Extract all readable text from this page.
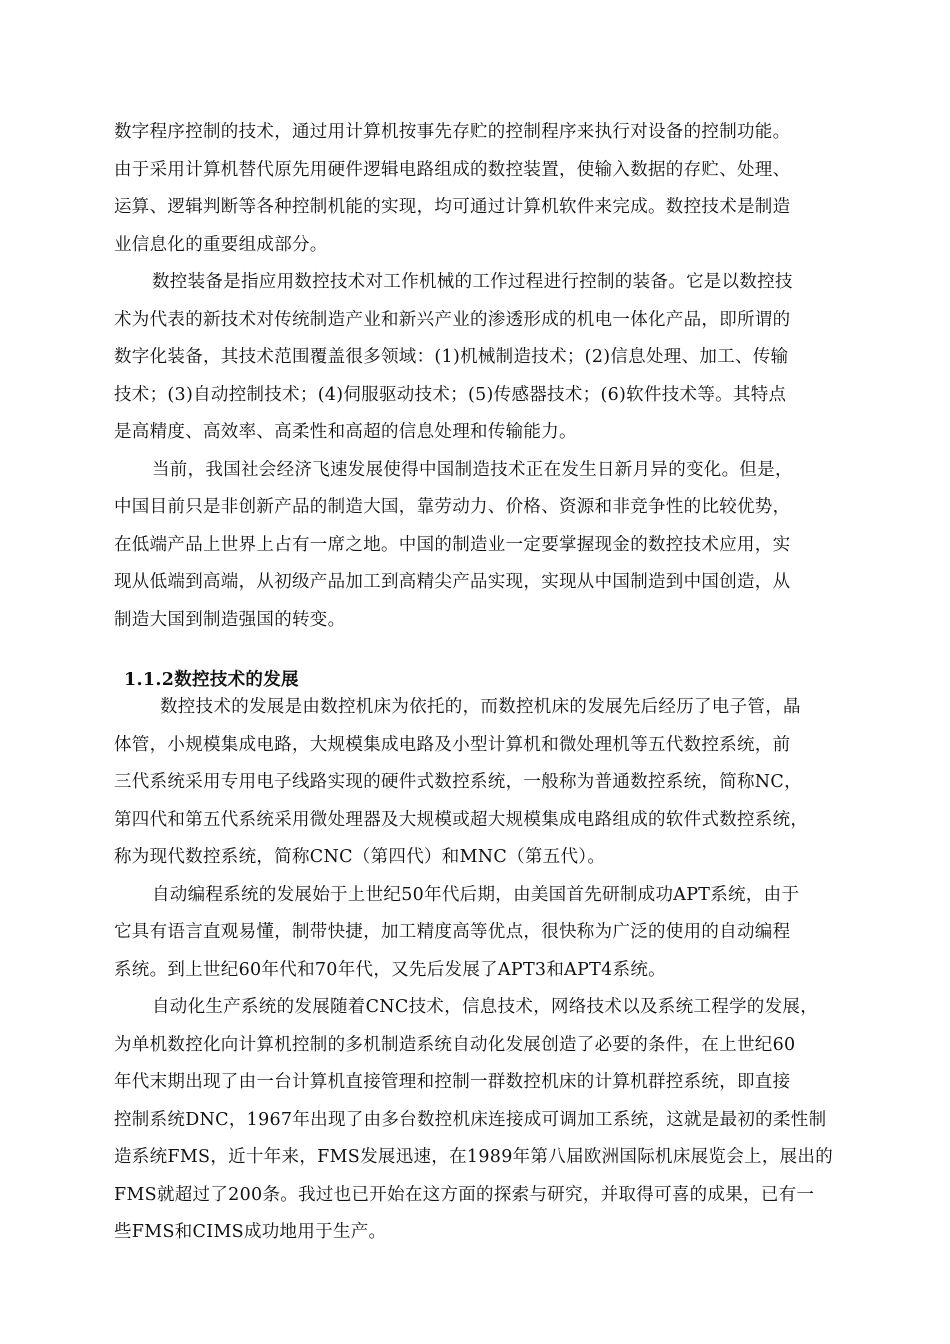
数字程序控制的技术，通过用计算机按事先存贮的控制程序来执行对设备的控制功能。
由于采用计算机替代原先用硬件逻辑电路组成的数控装置，使输入数据的存贮、处理、
运算、逻辑判断等各种控制机能的实现，均可通过计算机软件来完成。数控技术是制造
业信息化的重要组成部分。
数控装备是指应用数控技术对工作机械的工作过程进行控制的装备。它是以数控技
术为代表的新技术对传统制造产业和新兴产业的渗透形成的机电一体化产品，即所谓的
数字化装备，其技术范围覆盖很多领域：(1)机械制造技术；(2)信息处理、加工、传输
技术；(3)自动控制技术；(4)伺服驱动技术；(5)传感器技术；(6)软件技术等。其特点
是高精度、高效率、高柔性和高超的信息处理和传输能力。
当前，我国社会经济飞速发展使得中国制造技术正在发生日新月异的变化。但是，
中国目前只是非创新产品的制造大国，靠劳动力、价格、资源和非竞争性的比较优势，
在低端产品上世界上占有一席之地。中国的制造业一定要掌握现金的数控技术应用，实
现从低端到高端，从初级产品加工到高精尖产品实现，实现从中国制造到中国创造，从
制造大国到制造强国的转变。
1.1.2数控技术的发展
数控技术的发展是由数控机床为依托的，而数控机床的发展先后经历了电子管，晶
体管，小规模集成电路，大规模集成电路及小型计算机和微处理机等五代数控系统，前
三代系统采用专用电子线路实现的硬件式数控系统，一般称为普通数控系统，简称NC，
第四代和第五代系统采用微处理器及大规模或超大规模集成电路组成的软件式数控系统，
称为现代数控系统，简称CNC（第四代）和MNC（第五代）。
自动编程系统的发展始于上世纪50年代后期，由美国首先研制成功APT系统，由于
它具有语言直观易懂，制带快捷，加工精度高等优点，很快称为广泛的使用的自动编程
系统。到上世纪60年代和70年代，又先后发展了APT3和APT4系统。
自动化生产系统的发展随着CNC技术，信息技术，网络技术以及系统工程学的发展，
为单机数控化向计算机控制的多机制造系统自动化发展创造了必要的条件，在上世纪60
年代末期出现了由一台计算机直接管理和控制一群数控机床的计算机群控系统，即直接
控制系统DNC，1967年出现了由多台数控机床连接成可调加工系统，这就是最初的柔性制
造系统FMS，近十年来，FMS发展迅速，在1989年第八届欧洲国际机床展览会上，展出的
FMS就超过了200条。我过也已开始在这方面的探索与研究，并取得可喜的成果，已有一
些FMS和CIMS成功地用于生产。
